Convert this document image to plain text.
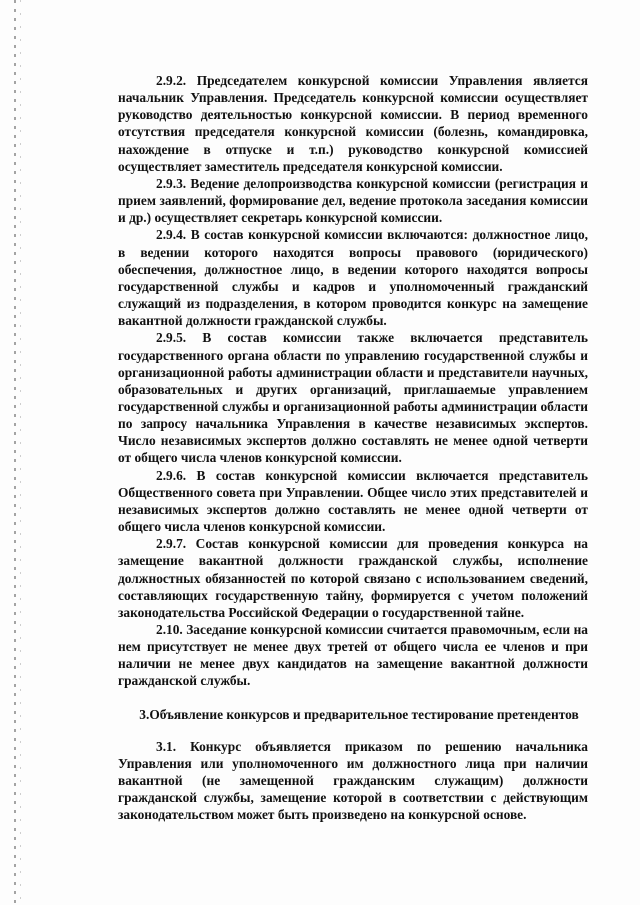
2.9.2. Председателем конкурсной комиссии Управления является начальник Управления. Председатель конкурсной комиссии осуществляет руководство деятельностью конкурсной комиссии. В период временного отсутствия председателя конкурсной комиссии (болезнь, командировка, нахождение в отпуске и т.п.) руководство конкурсной комиссией осуществляет заместитель председателя конкурсной комиссии.

2.9.3. Ведение делопроизводства конкурсной комиссии (регистрация и прием заявлений, формирование дел, ведение протокола заседания комиссии и др.) осуществляет секретарь конкурсной комиссии.

2.9.4. В состав конкурсной комиссии включаются: должностное лицо, в ведении которого находятся вопросы правового (юридического) обеспечения, должностное лицо, в ведении которого находятся вопросы государственной службы и кадров и уполномоченный гражданский служащий из подразделения, в котором проводится конкурс на замещение вакантной должности гражданской службы.

2.9.5. В состав комиссии также включается представитель государственного органа области по управлению государственной службы и организационной работы администрации области и представители научных, образовательных и других организаций, приглашаемые управлением государственной службы и организационной работы администрации области по запросу начальника Управления в качестве независимых экспертов. Число независимых экспертов должно составлять не менее одной четверти от общего числа членов конкурсной комиссии.

2.9.6. В состав конкурсной комиссии включается представитель Общественного совета при Управлении. Общее число этих представителей и независимых экспертов должно составлять не менее одной четверти от общего числа членов конкурсной комиссии.

2.9.7. Состав конкурсной комиссии для проведения конкурса на замещение вакантной должности гражданской службы, исполнение должностных обязанностей по которой связано с использованием сведений, составляющих государственную тайну, формируется с учетом положений законодательства Российской Федерации о государственной тайне.

2.10. Заседание конкурсной комиссии считается правомочным, если на нем присутствует не менее двух третей от общего числа ее членов и при наличии не менее двух кандидатов на замещение вакантной должности гражданской службы.

3.Объявление конкурсов и предварительное тестирование претендентов

3.1. Конкурс объявляется приказом по решению начальника Управления или уполномоченного им должностного лица при наличии вакантной (не замещенной гражданским служащим) должности гражданской службы, замещение которой в соответствии с действующим законодательством может быть произведено на конкурсной основе.
